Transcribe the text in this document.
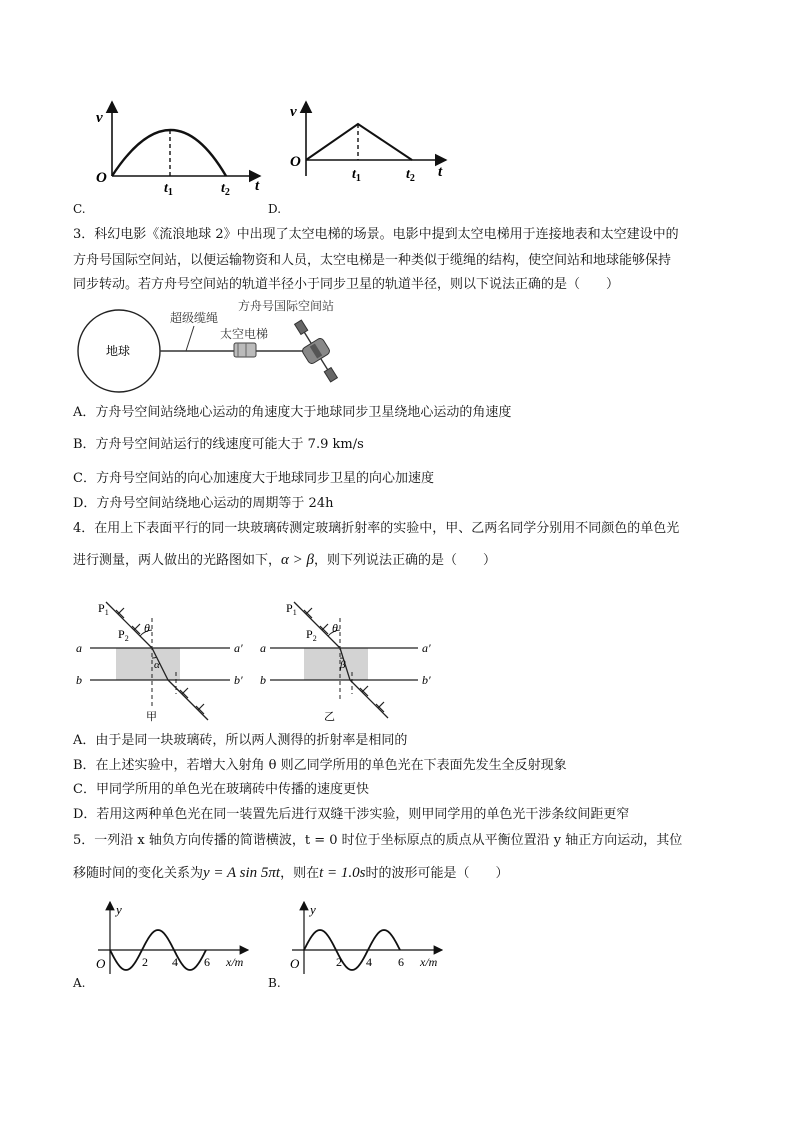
v
O	t
$t_1$	$t_2$
C.
v
O
t
$t_1$	$t_2$
D.
3．科幻电影《流浪地球 2》中出现了太空电梯的场景。电影中提到太空电梯用于连接地表和太空建设中的
方舟号国际空间站，以便运输物资和人员，太空电梯是一种类似于缆绳的结构，使空间站和地球能够保持
同步转动。若方舟号空间站的轨道半径小于同步卫星的轨道半径，则以下说法正确的是（　　）
地球
超级缆绳
太空电梯
方舟号国际空间站
A．方舟号空间站绕地心运动的角速度大于地球同步卫星绕地心运动的角速度
B．方舟号空间站运行的线速度可能大于 7.9 km/s
C．方舟号空间站的向心加速度大于地球同步卫星的向心加速度
D．方舟号空间站绕地心运动的周期等于 24h
4．在用上下表面平行的同一块玻璃砖测定玻璃折射率的实验中，甲、乙两名同学分别用不同颜色的单色光
进行测量，两人做出的光路图如下，α > β，则下列说法正确的是（　　）
$P_1$
$P_2$
θ
α
a
b
a′
b′
甲
$P_1$
$P_2$
θ
β
a
b
a′
b′
乙
A．由于是同一块玻璃砖，所以两人测得的折射率是相同的
B．在上述实验中，若增大入射角 θ 则乙同学所用的单色光在下表面先发生全反射现象
C．甲同学所用的单色光在玻璃砖中传播的速度更快
D．若用这两种单色光在同一装置先后进行双缝干涉实验，则甲同学用的单色光干涉条纹间距更窄
5．一列沿 x 轴负方向传播的简谐横波，t = 0 时位于坐标原点的质点从平衡位置沿 y 轴正方向运动，其位
移随时间的变化关系为y = A sin 5πt，则在t = 1.0s时的波形可能是（　　）
y
O	2 4 6 x/m
A.
y
O	2 4 6 x/m
B.
